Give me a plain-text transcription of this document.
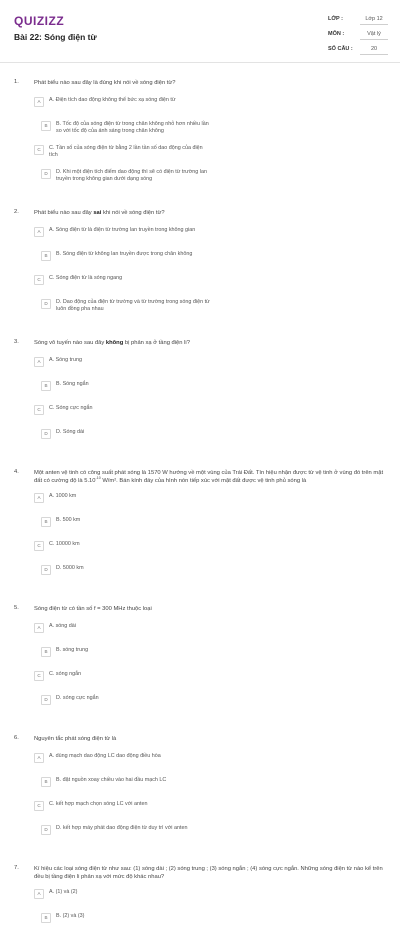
QUIZIZZ
Bài 22: Sóng điện từ
LỚP :	Lớp 12
MÔN :	Vật lý
SỐ CÂU :	20
1.	Phát biểu nào sau đây là đúng khi nói về sóng điện từ?
A	A. Điện tích dao động không thể bức xạ sóng điện từ
B	B. Tốc độ của sóng điện từ trong chân không nhỏ hơn nhiều lần so với tốc độ của ánh sáng trong chân không
C	C. Tần số của sóng điện từ bằng 2 lần tần số dao động của điện tích
D	D. Khi một điện tích điểm dao động thì sẽ có điện từ trường lan truyền trong không gian dưới dạng sóng
2.	Phát biểu nào sau đây sai khi nói về sóng điện từ?
A	A. Sóng điện từ là điện từ trường lan truyền trong không gian
B	B. Sóng điện từ không lan truyền được trong chân không
C	C. Sóng điện từ là sóng ngang
D	D. Dao động của điện từ trường và từ trường trong sóng điện từ luôn đồng pha nhau
3.	Sóng vô tuyến nào sau đây không bị phản xạ ở tầng điện li?
A	A. Sóng trung
B	B. Sóng ngắn
C	C. Sóng cực ngắn
D	D. Sóng dài
4.	Một anten vệ tinh có công suất phát sóng là 1570 W hướng về một vùng của Trái Đất. Tín hiệu nhận được từ vệ tinh ở vùng đó trên mặt đất có cường độ là $5.10^{-10}$ W/m². Bán kính đáy của hình nón tiếp xúc với mặt đất được vệ tinh phủ sóng là
A	A. 1000 km
B	B. 500 km
C	C. 10000 km
D	D. 5000 km
5.	Sóng điện từ có tần số f = 300 MHz thuộc loại
A	A. sóng dài
B	B. sóng trung
C	C. sóng ngắn
D	D. sóng cực ngắn
6.	Nguyên tắc phát sóng điện từ là
A	A. dùng mạch dao động LC dao động điều hòa
B	B. đặt nguồn xoay chiều vào hai đầu mạch LC
C	C. kết hợp mạch chọn sóng LC với anten
D	D. kết hợp máy phát dao động điện từ duy trì với anten
7.	Kí hiệu các loại sóng điện từ như sau: (1) sóng dài ; (2) sóng trung ; (3) sóng ngắn ; (4) sóng cực ngắn. Những sóng điện từ nào kể trên đều bị tầng điện li phản xạ với mức độ khác nhau?
A	A. (1) và (2)
B	B. (2) và (3)
